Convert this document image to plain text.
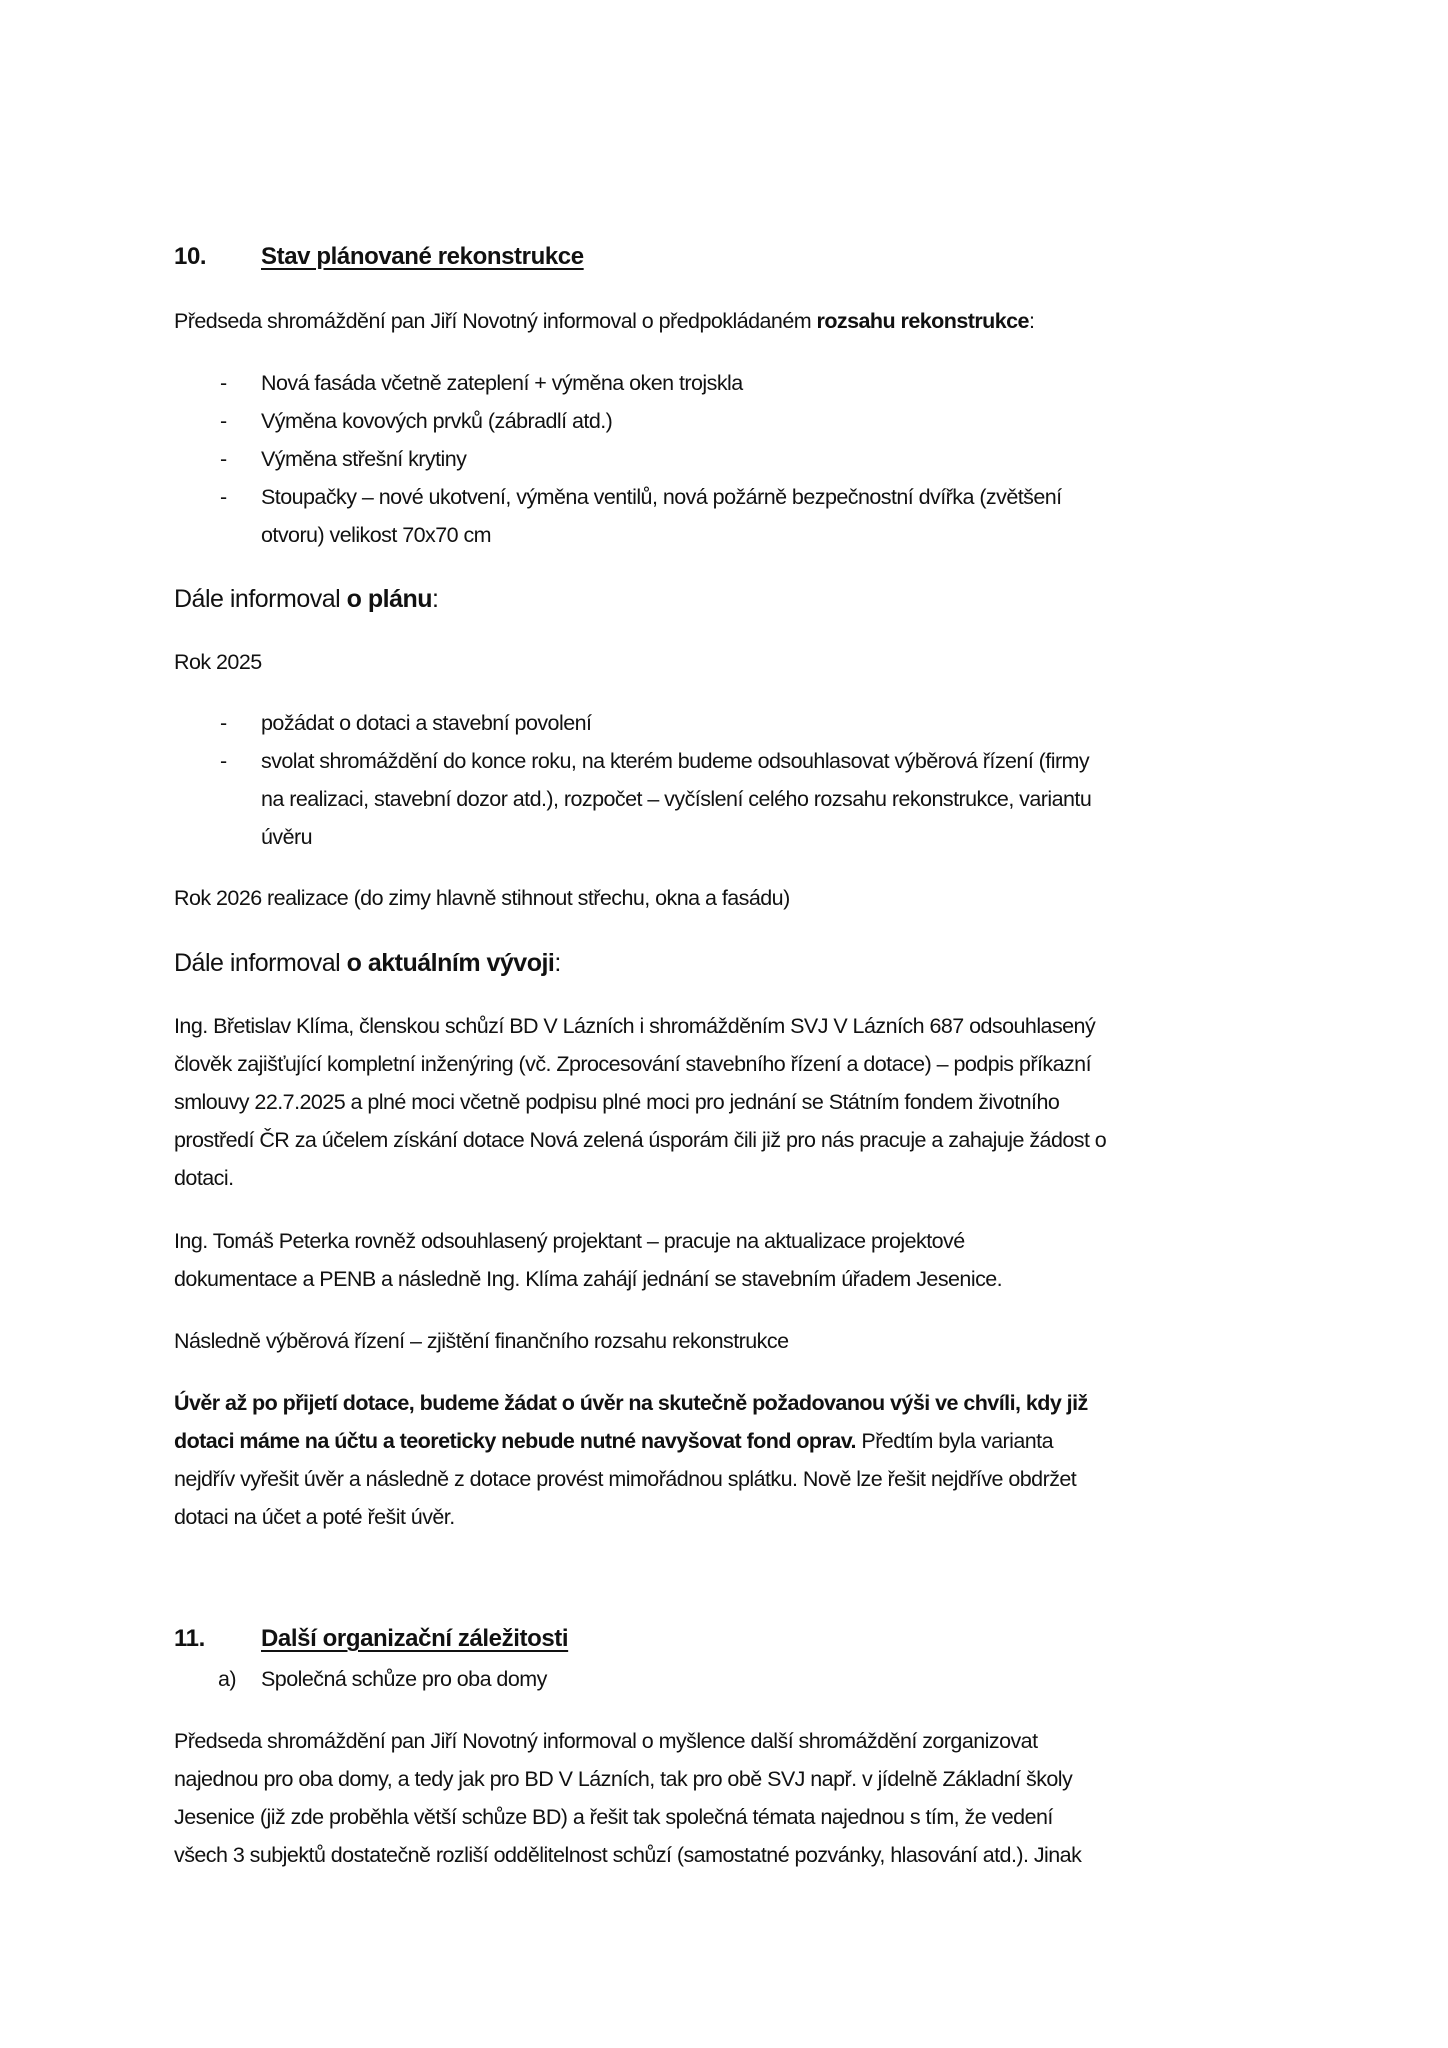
10. Stav plánované rekonstrukce
Předseda shromáždění pan Jiří Novotný informoval o předpokládaném rozsahu rekonstrukce:
- Nová fasáda včetně zateplení + výměna oken trojskla
- Výměna kovových prvků (zábradlí atd.)
- Výměna střešní krytiny
- Stoupačky – nové ukotvení, výměna ventilů, nová požárně bezpečnostní dvířka (zvětšení
otvoru) velikost 70x70 cm
Dále informoval o plánu:
Rok 2025
- požádat o dotaci a stavební povolení
- svolat shromáždění do konce roku, na kterém budeme odsouhlasovat výběrová řízení (firmy
na realizaci, stavební dozor atd.), rozpočet – vyčíslení celého rozsahu rekonstrukce, variantu
úvěru
Rok 2026 realizace (do zimy hlavně stihnout střechu, okna a fasádu)
Dále informoval o aktuálním vývoji:
Ing. Břetislav Klíma, členskou schůzí BD V Lázních i shromážděním SVJ V Lázních 687 odsouhlasený
člověk zajišťující kompletní inženýring (vč. Zprocesování stavebního řízení a dotace) – podpis příkazní
smlouvy 22.7.2025 a plné moci včetně podpisu plné moci pro jednání se Státním fondem životního
prostředí ČR za účelem získání dotace Nová zelená úsporám čili již pro nás pracuje a zahajuje žádost o
dotaci.
Ing. Tomáš Peterka rovněž odsouhlasený projektant – pracuje na aktualizace projektové
dokumentace a PENB a následně Ing. Klíma zahájí jednání se stavebním úřadem Jesenice.
Následně výběrová řízení – zjištění finančního rozsahu rekonstrukce
Úvěr až po přijetí dotace, budeme žádat o úvěr na skutečně požadovanou výši ve chvíli, kdy již
dotaci máme na účtu a teoreticky nebude nutné navyšovat fond oprav. Předtím byla varianta
nejdřív vyřešit úvěr a následně z dotace provést mimořádnou splátku. Nově lze řešit nejdříve obdržet
dotaci na účet a poté řešit úvěr.
11. Další organizační záležitosti
a) Společná schůze pro oba domy
Předseda shromáždění pan Jiří Novotný informoval o myšlence další shromáždění zorganizovat
najednou pro oba domy, a tedy jak pro BD V Lázních, tak pro obě SVJ např. v jídelně Základní školy
Jesenice (již zde proběhla větší schůze BD) a řešit tak společná témata najednou s tím, že vedení
všech 3 subjektů dostatečně rozliší oddělitelnost schůzí (samostatné pozvánky, hlasování atd.). Jinak
